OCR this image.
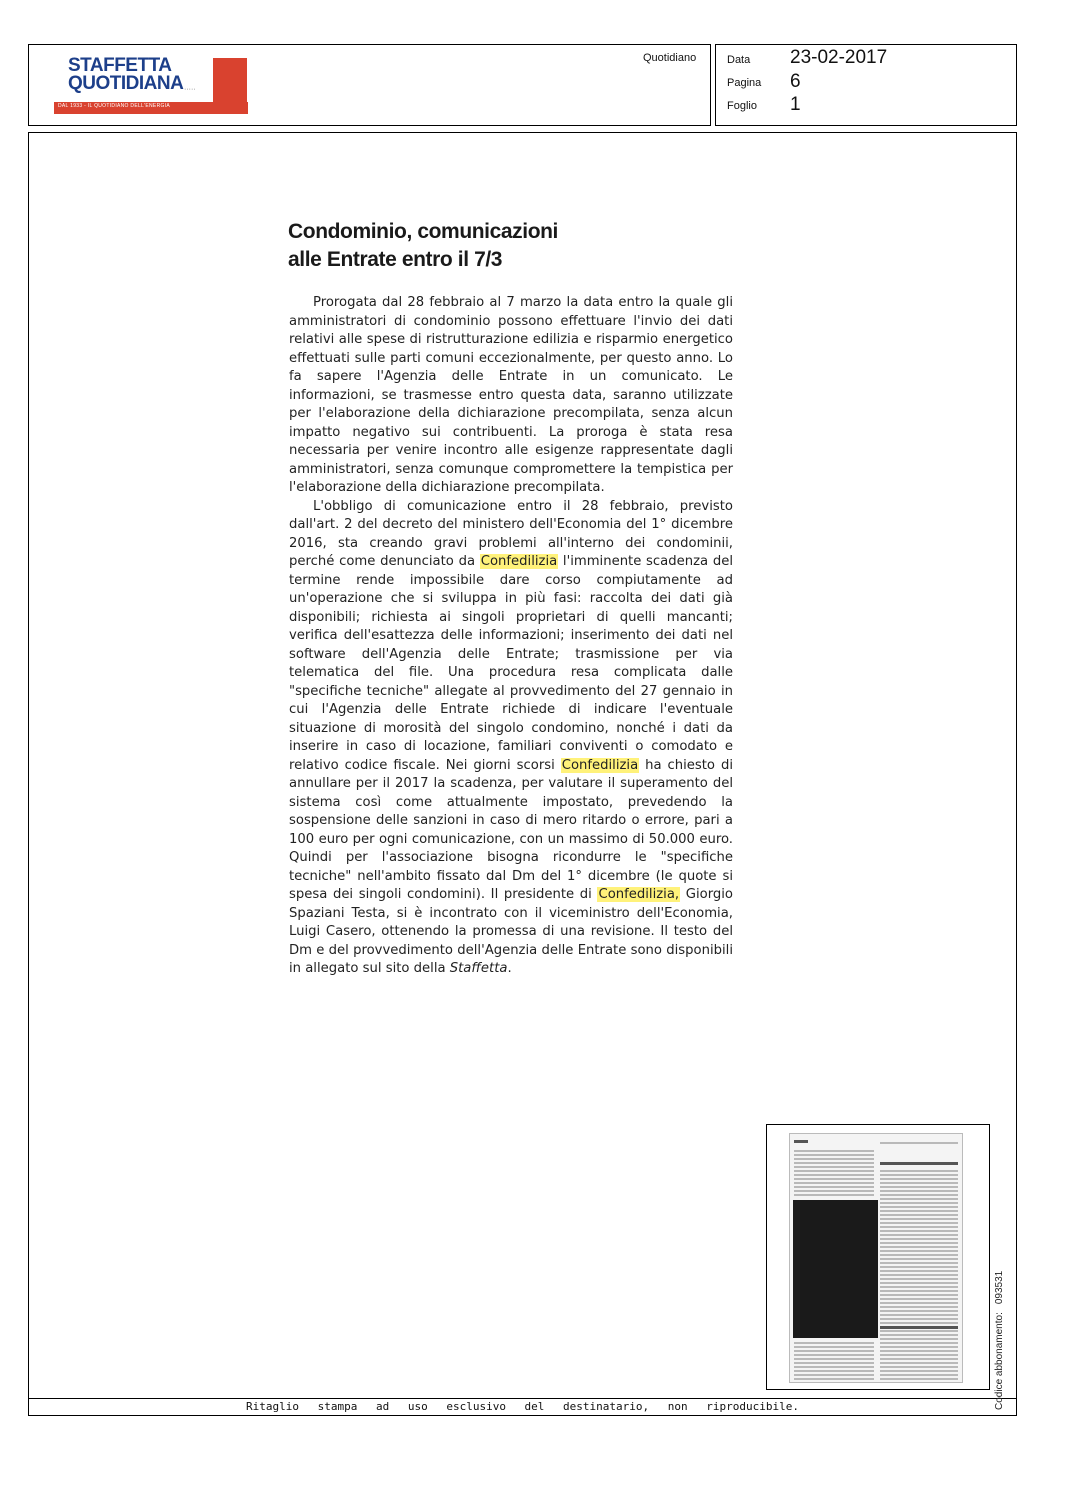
STAFFETTA
QUOTIDIANA ·····
DAL 1933 - IL QUOTIDIANO DELL'ENERGIA
Quotidiano	Data 23-02-2017
Pagina 6
Foglio 1
Condominio, comunicazioni
alle Entrate entro il 7/3

Prorogata dal 28 febbraio al 7 marzo la data entro la quale gli amministratori di condominio possono effettuare l'invio dei dati relativi alle spese di ristrutturazione edilizia e risparmio energetico effettuati sulle parti comuni eccezionalmente, per questo anno. Lo fa sapere l'Agenzia delle Entrate in un comunicato. Le informazioni, se trasmesse entro questa data, saranno utilizzate per l'elaborazione della dichiarazione precompilata, senza alcun impatto negativo sui contribuenti. La proroga è stata resa necessaria per venire incontro alle esigenze rappresentate dagli amministratori, senza comunque compromettere la tempistica per l'elaborazione della dichiarazione precompilata.

L'obbligo di comunicazione entro il 28 febbraio, previsto dall'art. 2 del decreto del ministero dell'Economia del 1° dicembre 2016, sta creando gravi problemi all'interno dei condominii, perché come denunciato da Confedilizia l'imminente scadenza del termine rende impossibile dare corso compiutamente ad un'operazione che si sviluppa in più fasi: raccolta dei dati già disponibili; richiesta ai singoli proprietari di quelli mancanti; verifica dell'esattezza delle informazioni; inserimento dei dati nel software dell'Agenzia delle Entrate; trasmissione per via telematica del file. Una procedura resa complicata dalle "specifiche tecniche" allegate al provvedimento del 27 gennaio in cui l'Agenzia delle Entrate richiede di indicare l'eventuale situazione di morosità del singolo condomino, nonché i dati da inserire in caso di locazione, familiari conviventi o comodato e relativo codice fiscale. Nei giorni scorsi Confedilizia ha chiesto di annullare per il 2017 la scadenza, per valutare il superamento del sistema così come attualmente impostato, prevedendo la sospensione delle sanzioni in caso di mero ritardo o errore, pari a 100 euro per ogni comunicazione, con un massimo di 50.000 euro. Quindi per l'associazione bisogna ricondurre le "specifiche tecniche" nell'ambito fissato dal Dm del 1° dicembre (le quote si spesa dei singoli condomini). Il presidente di Confedilizia, Giorgio Spaziani Testa, si è incontrato con il viceministro dell'Economia, Luigi Casero, ottenendo la promessa di una revisione. Il testo del Dm e del provvedimento dell'Agenzia delle Entrate sono disponibili in allegato sul sito della Staffetta.

Codice abbonamento:093531
Ritaglio stampa ad uso esclusivo del destinatario, non riproducibile.
